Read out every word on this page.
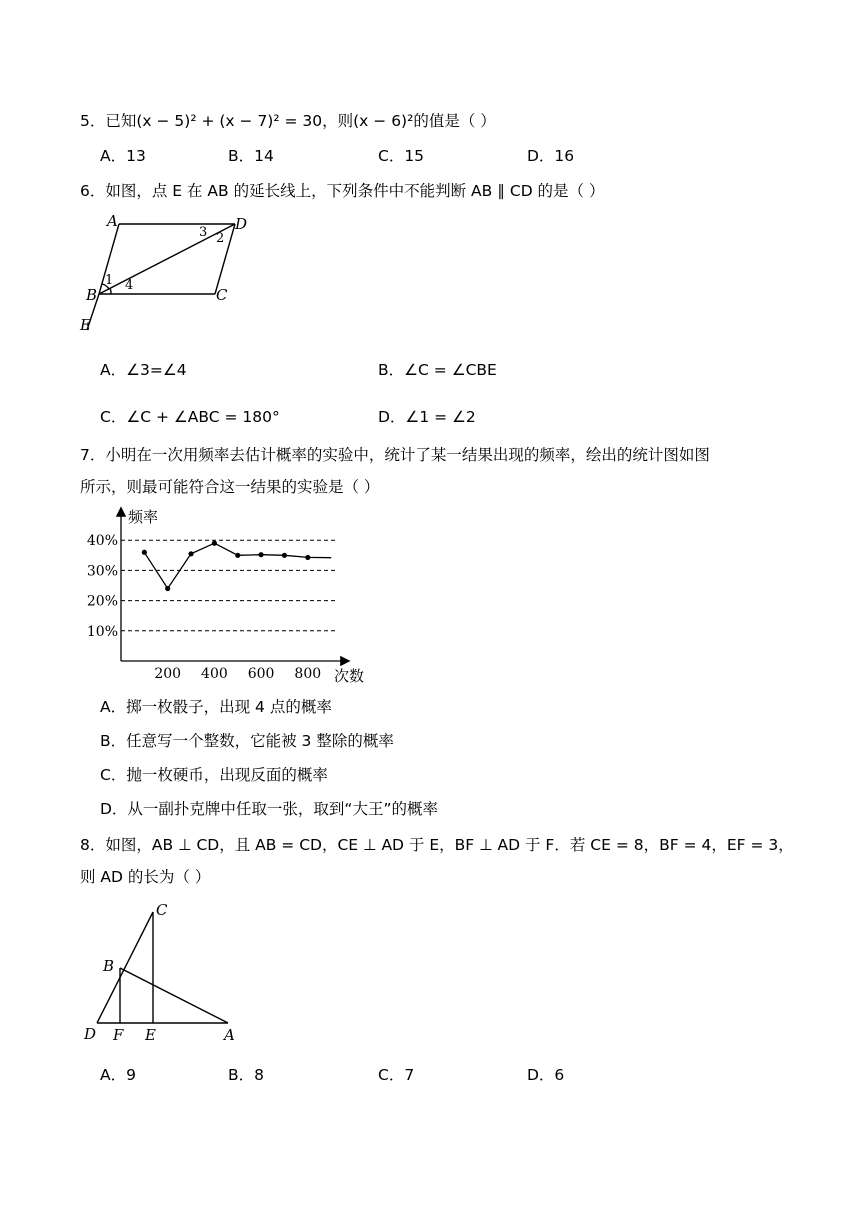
5．已知(x − 5)² + (x − 7)² = 30，则(x − 6)²的值是（ ）
A．13	B．14	C．15	D．16
6．如图，点 E 在 AB 的延长线上，下列条件中不能判断 AB ∥ CD 的是（ ）
A	D
B	C
E
1
2
3
4
A．∠3=∠4	B．∠C = ∠CBE
C．∠C + ∠ABC = 180°	D．∠1 = ∠2
7．小明在一次用频率去估计概率的实验中，统计了某一结果出现的频率，绘出的统计图如图
所示，则最可能符合这一结果的实验是（ ）
频率
次数
10%
20%
30%
40%
200 400 600 800
A．掷一枚骰子，出现 4 点的概率
B．任意写一个整数，它能被 3 整除的概率
C．抛一枚硬币，出现反面的概率
D．从一副扑克牌中任取一张，取到“大王”的概率
8．如图，AB ⊥ CD，且 AB = CD，CE ⊥ AD 于 E，BF ⊥ AD 于 F．若 CE = 8，BF = 4，EF = 3，
则 AD 的长为（ ）
C
B
D F E	A
A．9	B．8	C．7	D．6
